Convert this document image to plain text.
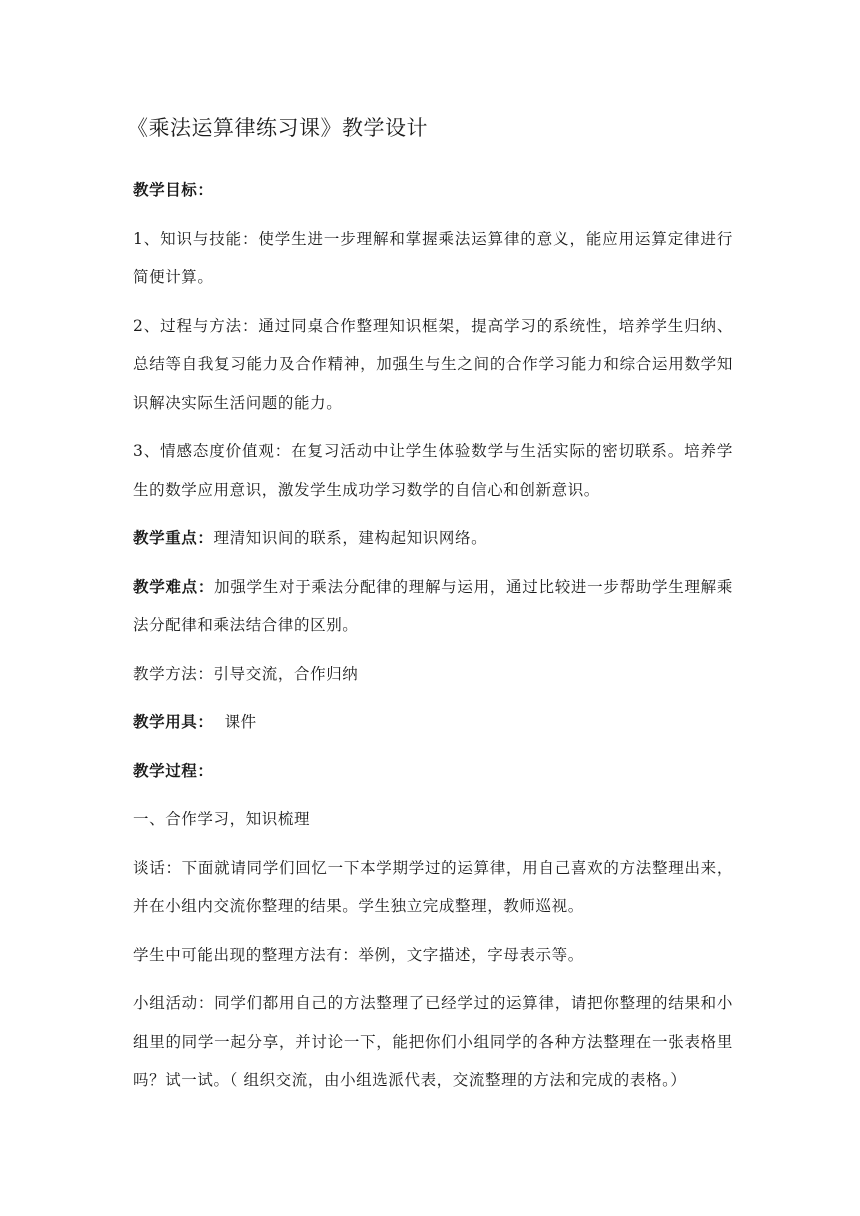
《乘法运算律练习课》教学设计

教学目标：

1、知识与技能：使学生进一步理解和掌握乘法运算律的意义，能应用运算定律进行简便计算。

2、过程与方法：通过同桌合作整理知识框架，提高学习的系统性，培养学生归纳、总结等自我复习能力及合作精神，加强生与生之间的合作学习能力和综合运用数学知识解决实际生活问题的能力。

3、情感态度价值观：在复习活动中让学生体验数学与生活实际的密切联系。培养学生的数学应用意识，激发学生成功学习数学的自信心和创新意识。

教学重点：理清知识间的联系，建构起知识网络。

教学难点：加强学生对于乘法分配律的理解与运用，通过比较进一步帮助学生理解乘法分配律和乘法结合律的区别。

教学方法：引导交流，合作归纳

教学用具：  课件

教学过程：

一、合作学习，知识梳理

谈话：下面就请同学们回忆一下本学期学过的运算律，用自己喜欢的方法整理出来，并在小组内交流你整理的结果。学生独立完成整理，教师巡视。

学生中可能出现的整理方法有：举例，文字描述，字母表示等。

小组活动：同学们都用自己的方法整理了已经学过的运算律，请把你整理的结果和小组里的同学一起分享，并讨论一下，能把你们小组同学的各种方法整理在一张表格里吗？试一试。（ 组织交流，由小组选派代表，交流整理的方法和完成的表格。）
